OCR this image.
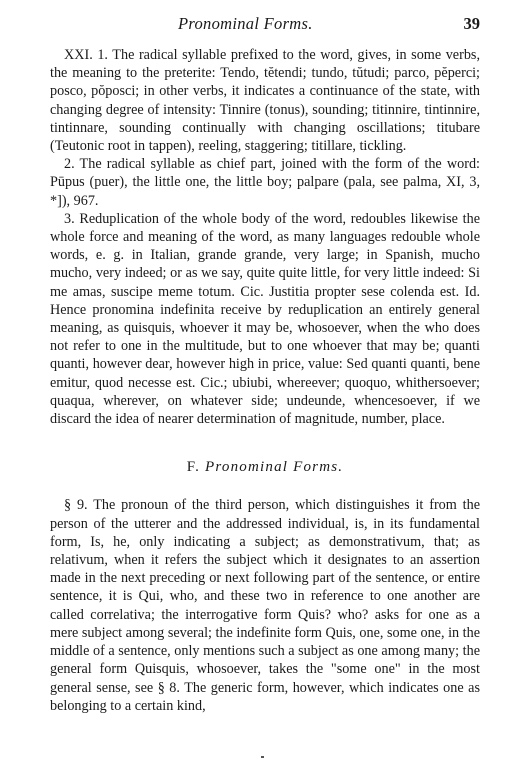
Pronominal Forms.	39

XXI. 1. The radical syllable prefixed to the word, gives, in some verbs, the meaning to the preterite: Tendo, tĕtendi; tundo, tŭtudi; parco, pĕperci; posco, pŏposci; in other verbs, it indicates a continuance of the state, with changing degree of intensity: Tinnire (tonus), sounding; titinnire, tintinnire, tintinnare, sounding continually with changing oscillations; titubare (Teutonic root in tappen), reeling, staggering; titillare, tickling.

2. The radical syllable as chief part, joined with the form of the word: Pūpus (puer), the little one, the little boy; palpare (pala, see palma, XI, 3, *]), 967.

3. Reduplication of the whole body of the word, redoubles likewise the whole force and meaning of the word, as many languages redouble whole words, e. g. in Italian, grande grande, very large; in Spanish, mucho mucho, very indeed; or as we say, quite quite little, for very little indeed: Si me amas, suscipe meme totum. Cic. Justitia propter sese colenda est. Id. Hence pronomina indefinita receive by reduplication an entirely general meaning, as quisquis, whoever it may be, whosoever, when the who does not refer to one in the multitude, but to one whoever that may be; quanti quanti, however dear, however high in price, value: Sed quanti quanti, bene emitur, quod necesse est. Cic.; ubiubi, whereever; quoquo, whithersoever; quaqua, wherever, on whatever side; undeunde, whencesoever, if we discard the idea of nearer determination of magnitude, number, place.

F. Pronominal Forms.

§ 9. The pronoun of the third person, which distinguishes it from the person of the utterer and the addressed individual, is, in its fundamental form, Is, he, only indicating a subject; as demonstrativum, that; as relativum, when it refers the subject which it designates to an assertion made in the next preceding or next following part of the sentence, or entire sentence, it is Qui, who, and these two in reference to one another are called correlativa; the interrogative form Quis? who? asks for one as a mere subject among several; the indefinite form Quis, one, some one, in the middle of a sentence, only mentions such a subject as one among many; the general form Quisquis, whosoever, takes the "some one" in the most general sense, see § 8. The generic form, however, which indicates one as belonging to a certain kind,
